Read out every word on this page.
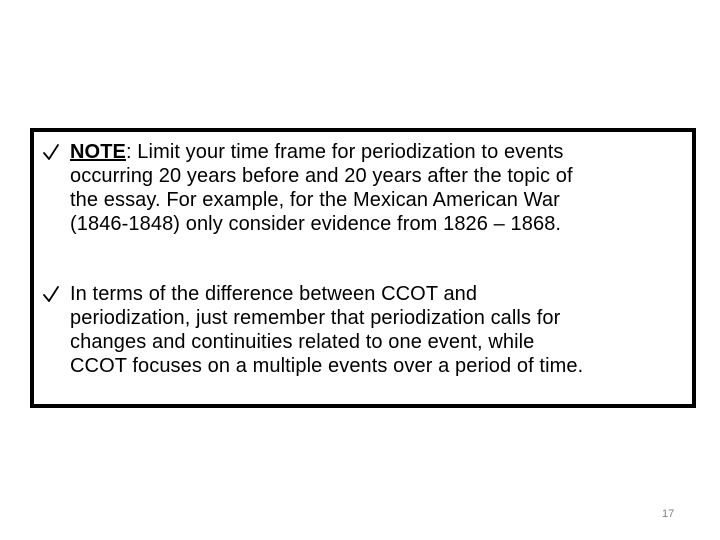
NOTE: Limit your time frame for periodization to events
occurring 20 years before and 20 years after the topic of
the essay. For example, for the Mexican American War
(1846-1848) only consider evidence from 1826 – 1868.
In terms of the difference between CCOT and
periodization, just remember that periodization calls for
changes and continuities related to one event, while
CCOT focuses on a multiple events over a period of time.
17
